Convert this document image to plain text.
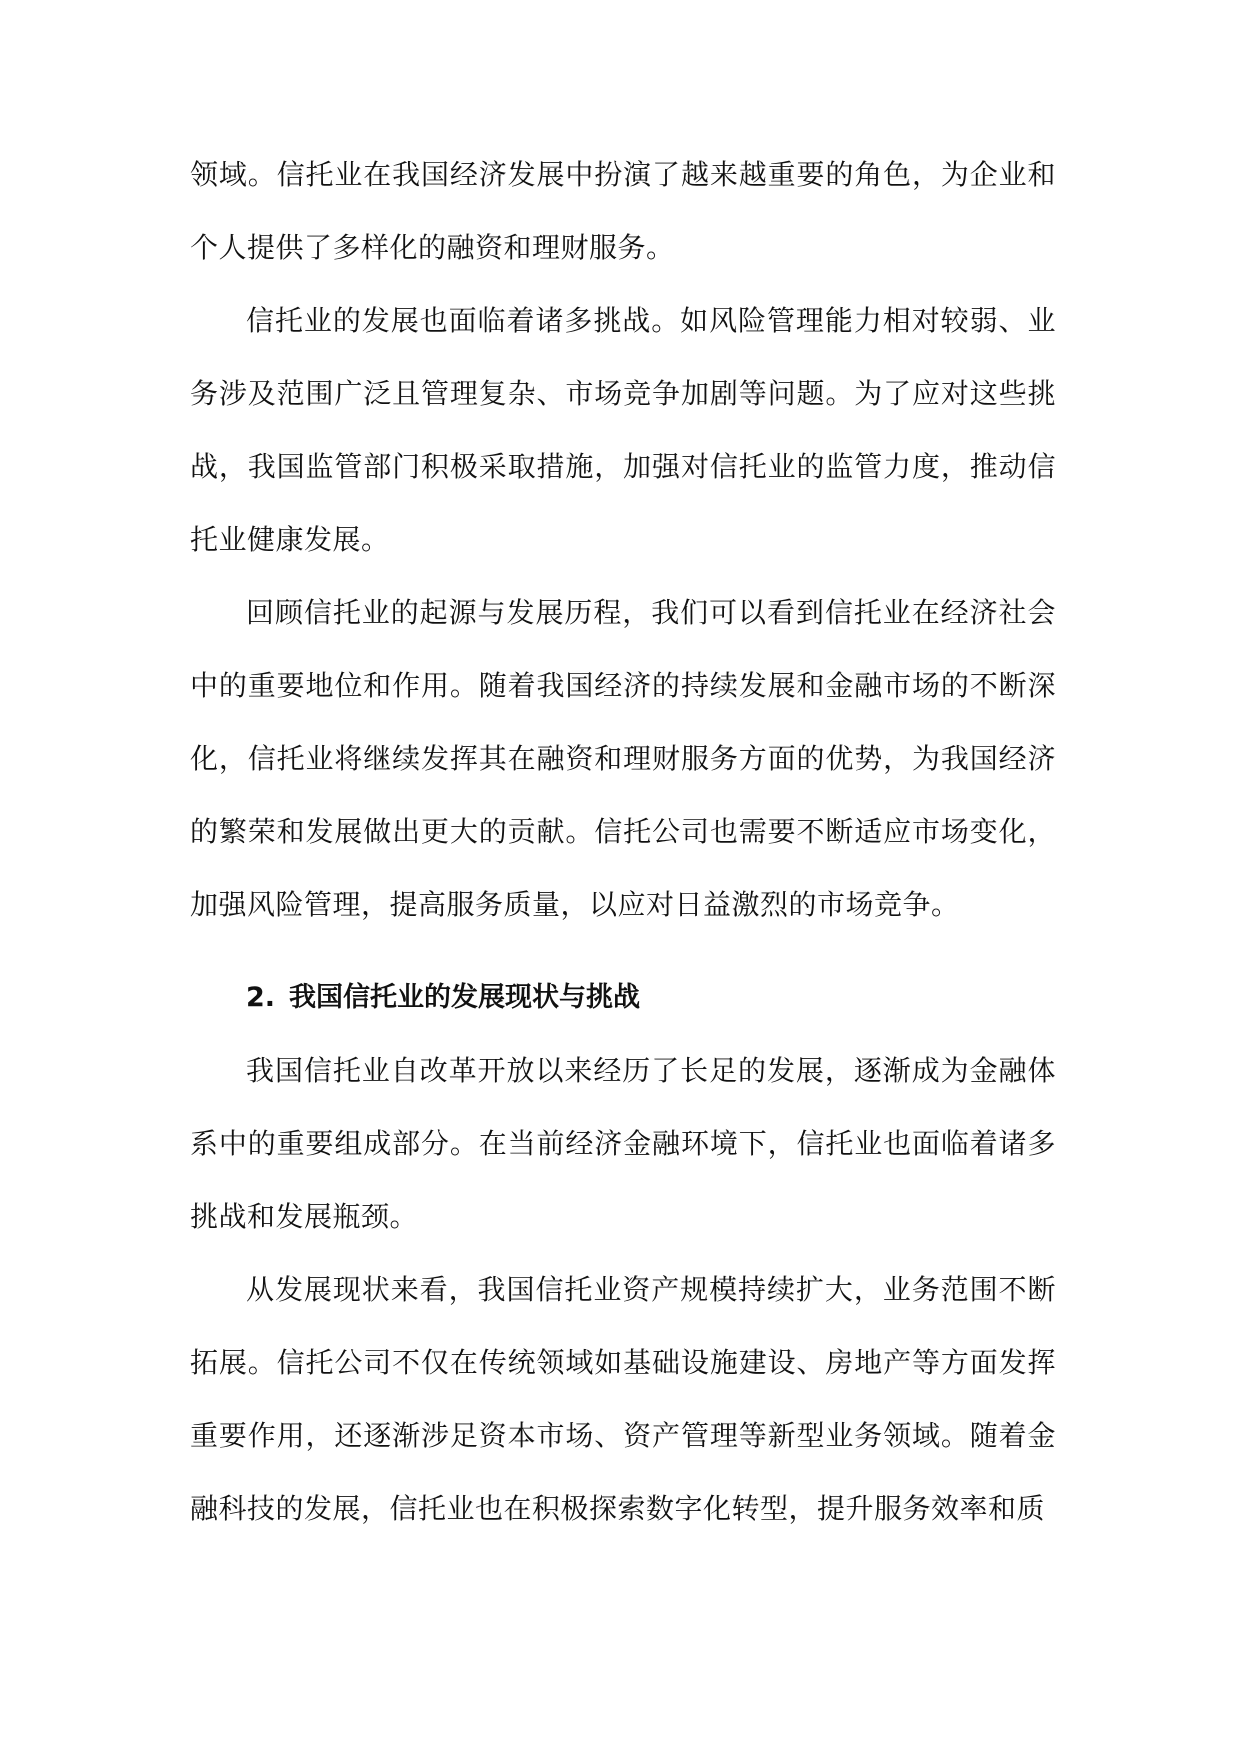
领域。信托业在我国经济发展中扮演了越来越重要的角色，为企业和个人提供了多样化的融资和理财服务。

信托业的发展也面临着诸多挑战。如风险管理能力相对较弱、业务涉及范围广泛且管理复杂、市场竞争加剧等问题。为了应对这些挑战，我国监管部门积极采取措施，加强对信托业的监管力度，推动信托业健康发展。

回顾信托业的起源与发展历程，我们可以看到信托业在经济社会中的重要地位和作用。随着我国经济的持续发展和金融市场的不断深化，信托业将继续发挥其在融资和理财服务方面的优势，为我国经济的繁荣和发展做出更大的贡献。信托公司也需要不断适应市场变化，加强风险管理，提高服务质量，以应对日益激烈的市场竞争。

2. 我国信托业的发展现状与挑战

我国信托业自改革开放以来经历了长足的发展，逐渐成为金融体系中的重要组成部分。在当前经济金融环境下，信托业也面临着诸多挑战和发展瓶颈。

从发展现状来看，我国信托业资产规模持续扩大，业务范围不断拓展。信托公司不仅在传统领域如基础设施建设、房地产等方面发挥重要作用，还逐渐涉足资本市场、资产管理等新型业务领域。随着金融科技的发展，信托业也在积极探索数字化转型，提升服务效率和质
